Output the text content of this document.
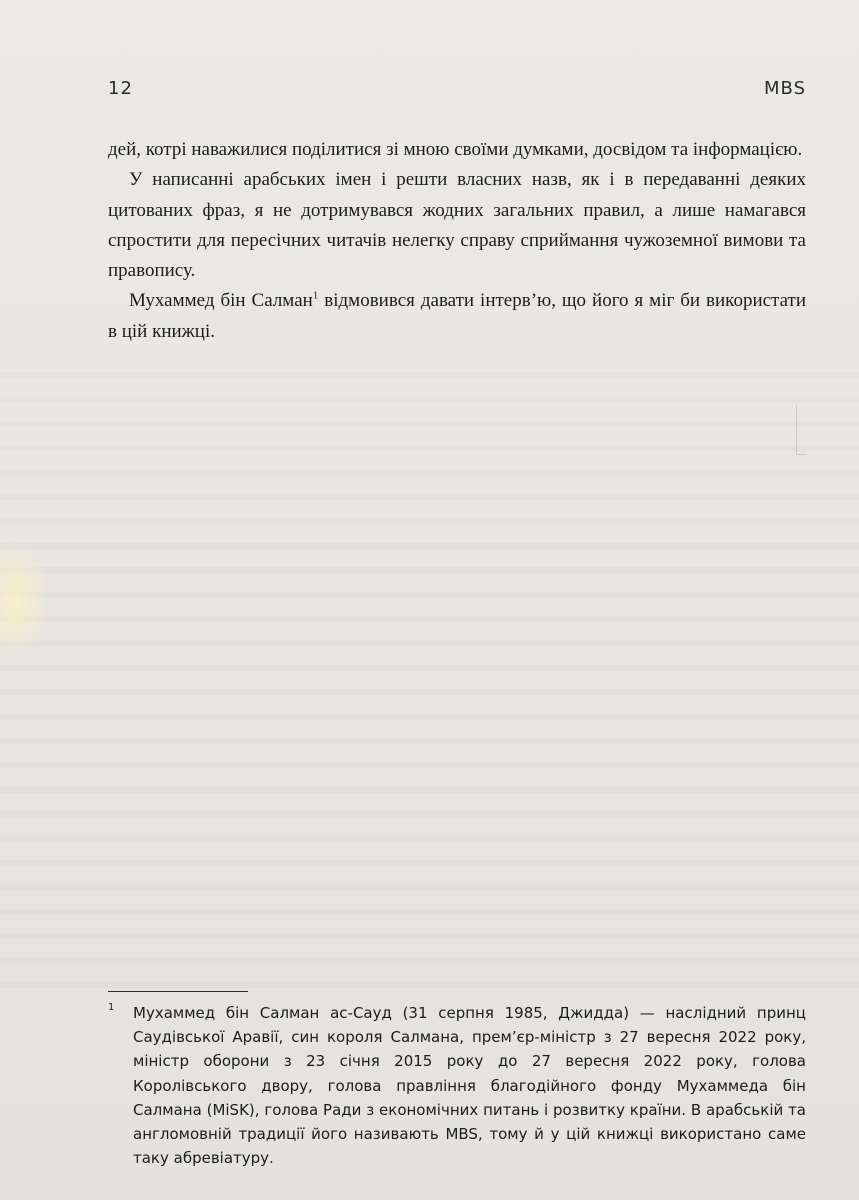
12	MBS

дей, котрі наважилися поділитися зі мною своїми думками, досвідом та інформацією.

У написанні арабських імен і решти власних назв, як і в передаванні деяких цитованих фраз, я не дотримувався жодних загальних правил, а лише намагався спростити для пересічних читачів нелегку справу сприймання чужоземної вимови та правопису.

Мухаммед бін Салман$^1$ відмовився давати інтерв’ю, що його я міг би використати в цій книжці.

1 Мухаммед бін Салман ас-Сауд (31 серпня 1985, Джидда) — наслідний принц Саудівської Аравії, син короля Салмана, прем’єр-міністр з 27 вересня 2022 року, міністр оборони з 23 січня 2015 року до 27 вересня 2022 року, голова Королівського двору, голова правління благодійного фонду Мухаммеда бін Салмана (MiSK), голова Ради з економічних питань і розвитку країни. В арабській та англомовній традиції його називають MBS, тому й у цій книжці використано саме таку абревіатуру.
